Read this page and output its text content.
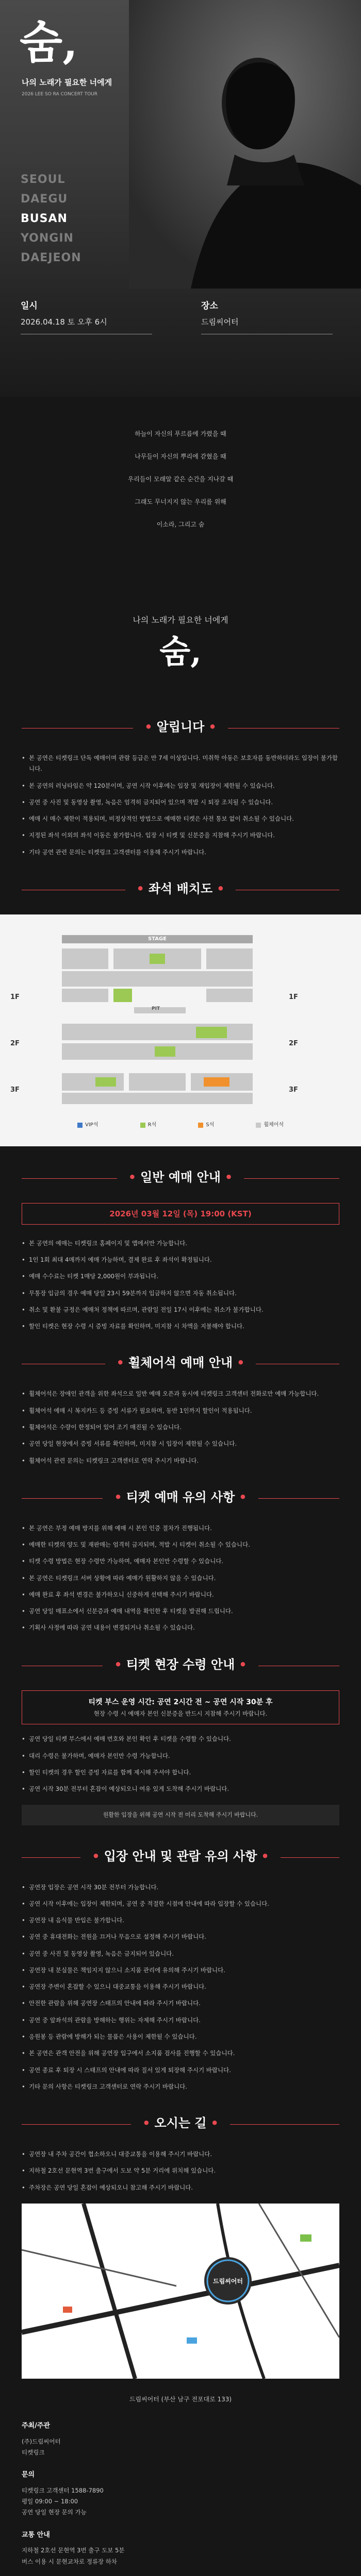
숨,
나의 노래가 필요한 너에게
2026 LEE SO RA CONCERT TOUR
SEOUL
DAEGU
BUSAN
YONGIN
DAEJEON
일시
2026.04.18 토 오후 6시
장소
드림씨어터

하늘이 자신의 푸르름에 가렸을 때

나무들이 자신의 뿌리에 갇혔을 때

우리들이 모래알 같은 순간을 지나갈 때

그래도 무너지지 않는 우리를 위해

이소라, 그리고 숨

나의 노래가 필요한 너에게
숨,
• 알립니다 •
• 본 공연은 티켓링크 단독 예매이며 관람 등급은 만 7세 이상입니다. 미취학 아동은 보호자를 동반하더라도 입장이 불가합니다.
• 본 공연의 러닝타임은 약 120분이며, 공연 시작 이후에는 입장 및 재입장이 제한될 수 있습니다.
• 공연 중 사진 및 동영상 촬영, 녹음은 엄격히 금지되어 있으며 적발 시 퇴장 조치될 수 있습니다.
• 예매 시 매수 제한이 적용되며, 비정상적인 방법으로 예매한 티켓은 사전 통보 없이 취소될 수 있습니다.
• 지정된 좌석 이외의 좌석 이동은 불가합니다. 입장 시 티켓 및 신분증을 지참해 주시기 바랍니다.
• 기타 공연 관련 문의는 티켓링크 고객센터를 이용해 주시기 바랍니다.
• 좌석 배치도 •
STAGE
1F	1F
PIT
2F	2F
3F	3F
VIP석	R석	S석	휠체어석
• 일반 예매 안내 •
2026년 03월 12일 (목) 19:00 (KST)
• 본 공연의 예매는 티켓링크 홈페이지 및 앱에서만 가능합니다.
• 1인 1회 최대 4매까지 예매 가능하며, 결제 완료 후 좌석이 확정됩니다.
• 예매 수수료는 티켓 1매당 2,000원이 부과됩니다.
• 무통장 입금의 경우 예매 당일 23시 59분까지 입금하지 않으면 자동 취소됩니다.
• 취소 및 환불 규정은 예매처 정책에 따르며, 관람일 전일 17시 이후에는 취소가 불가합니다.
• 할인 티켓은 현장 수령 시 증빙 자료를 확인하며, 미지참 시 차액을 지불해야 합니다.
• 휠체어석 예매 안내 •
• 휠체어석은 장애인 관객을 위한 좌석으로 일반 예매 오픈과 동시에 티켓링크 고객센터 전화로만 예매 가능합니다.
• 휠체어석 예매 시 복지카드 등 증빙 서류가 필요하며, 동반 1인까지 할인이 적용됩니다.
• 휠체어석은 수량이 한정되어 있어 조기 매진될 수 있습니다.
• 공연 당일 현장에서 증빙 서류를 확인하며, 미지참 시 입장이 제한될 수 있습니다.
• 휠체어석 관련 문의는 티켓링크 고객센터로 연락 주시기 바랍니다.
• 티켓 예매 유의 사항 •
• 본 공연은 부정 예매 방지를 위해 예매 시 본인 인증 절차가 진행됩니다.
• 예매한 티켓의 양도 및 재판매는 엄격히 금지되며, 적발 시 티켓이 취소될 수 있습니다.
• 티켓 수령 방법은 현장 수령만 가능하며, 예매자 본인만 수령할 수 있습니다.
• 본 공연은 티켓링크 서버 상황에 따라 예매가 원활하지 않을 수 있습니다.
• 예매 완료 후 좌석 변경은 불가하오니 신중하게 선택해 주시기 바랍니다.
• 공연 당일 매표소에서 신분증과 예매 내역을 확인한 후 티켓을 발권해 드립니다.
• 기획사 사정에 따라 공연 내용이 변경되거나 취소될 수 있습니다.
• 티켓 현장 수령 안내 •
티켓 부스 운영 시간: 공연 2시간 전 ~ 공연 시작 30분 후
현장 수령 시 예매자 본인 신분증을 반드시 지참해 주시기 바랍니다.
• 공연 당일 티켓 부스에서 예매 번호와 본인 확인 후 티켓을 수령할 수 있습니다.
• 대리 수령은 불가하며, 예매자 본인만 수령 가능합니다.
• 할인 티켓의 경우 할인 증빙 자료를 함께 제시해 주셔야 합니다.
• 공연 시작 30분 전부터 혼잡이 예상되오니 여유 있게 도착해 주시기 바랍니다.
원활한 입장을 위해 공연 시작 전 미리 도착해 주시기 바랍니다.
• 입장 안내 및 관람 유의 사항 •
• 공연장 입장은 공연 시작 30분 전부터 가능합니다.
• 공연 시작 이후에는 입장이 제한되며, 공연 중 적절한 시점에 안내에 따라 입장할 수 있습니다.
• 공연장 내 음식물 반입은 불가합니다.
• 공연 중 휴대전화는 전원을 끄거나 무음으로 설정해 주시기 바랍니다.
• 공연 중 사진 및 동영상 촬영, 녹음은 금지되어 있습니다.
• 공연장 내 분실물은 책임지지 않으니 소지품 관리에 유의해 주시기 바랍니다.
• 공연장 주변이 혼잡할 수 있으니 대중교통을 이용해 주시기 바랍니다.
• 안전한 관람을 위해 공연장 스태프의 안내에 따라 주시기 바랍니다.
• 공연 중 앞좌석의 관람을 방해하는 행위는 자제해 주시기 바랍니다.
• 응원봉 등 관람에 방해가 되는 물품은 사용이 제한될 수 있습니다.
• 본 공연은 관객 안전을 위해 공연장 입구에서 소지품 검사를 진행할 수 있습니다.
• 공연 종료 후 퇴장 시 스태프의 안내에 따라 질서 있게 퇴장해 주시기 바랍니다.
• 기타 문의 사항은 티켓링크 고객센터로 연락 주시기 바랍니다.
• 오시는 길 •
• 공연장 내 주차 공간이 협소하오니 대중교통을 이용해 주시기 바랍니다.
• 지하철 2호선 문현역 3번 출구에서 도보 약 5분 거리에 위치해 있습니다.
• 주차장은 공연 당일 혼잡이 예상되오니 참고해 주시기 바랍니다.
드림씨어터
드림씨어터 (부산 남구 전포대로 133)
주최/주관

(주)드림씨어터

티켓링크

문의

티켓링크 고객센터 1588-7890

평일 09:00 ~ 18:00

공연 당일 현장 문의 가능

교통 안내

지하철 2호선 문현역 3번 출구 도보 5분

버스 이용 시 문현교차로 정류장 하차
